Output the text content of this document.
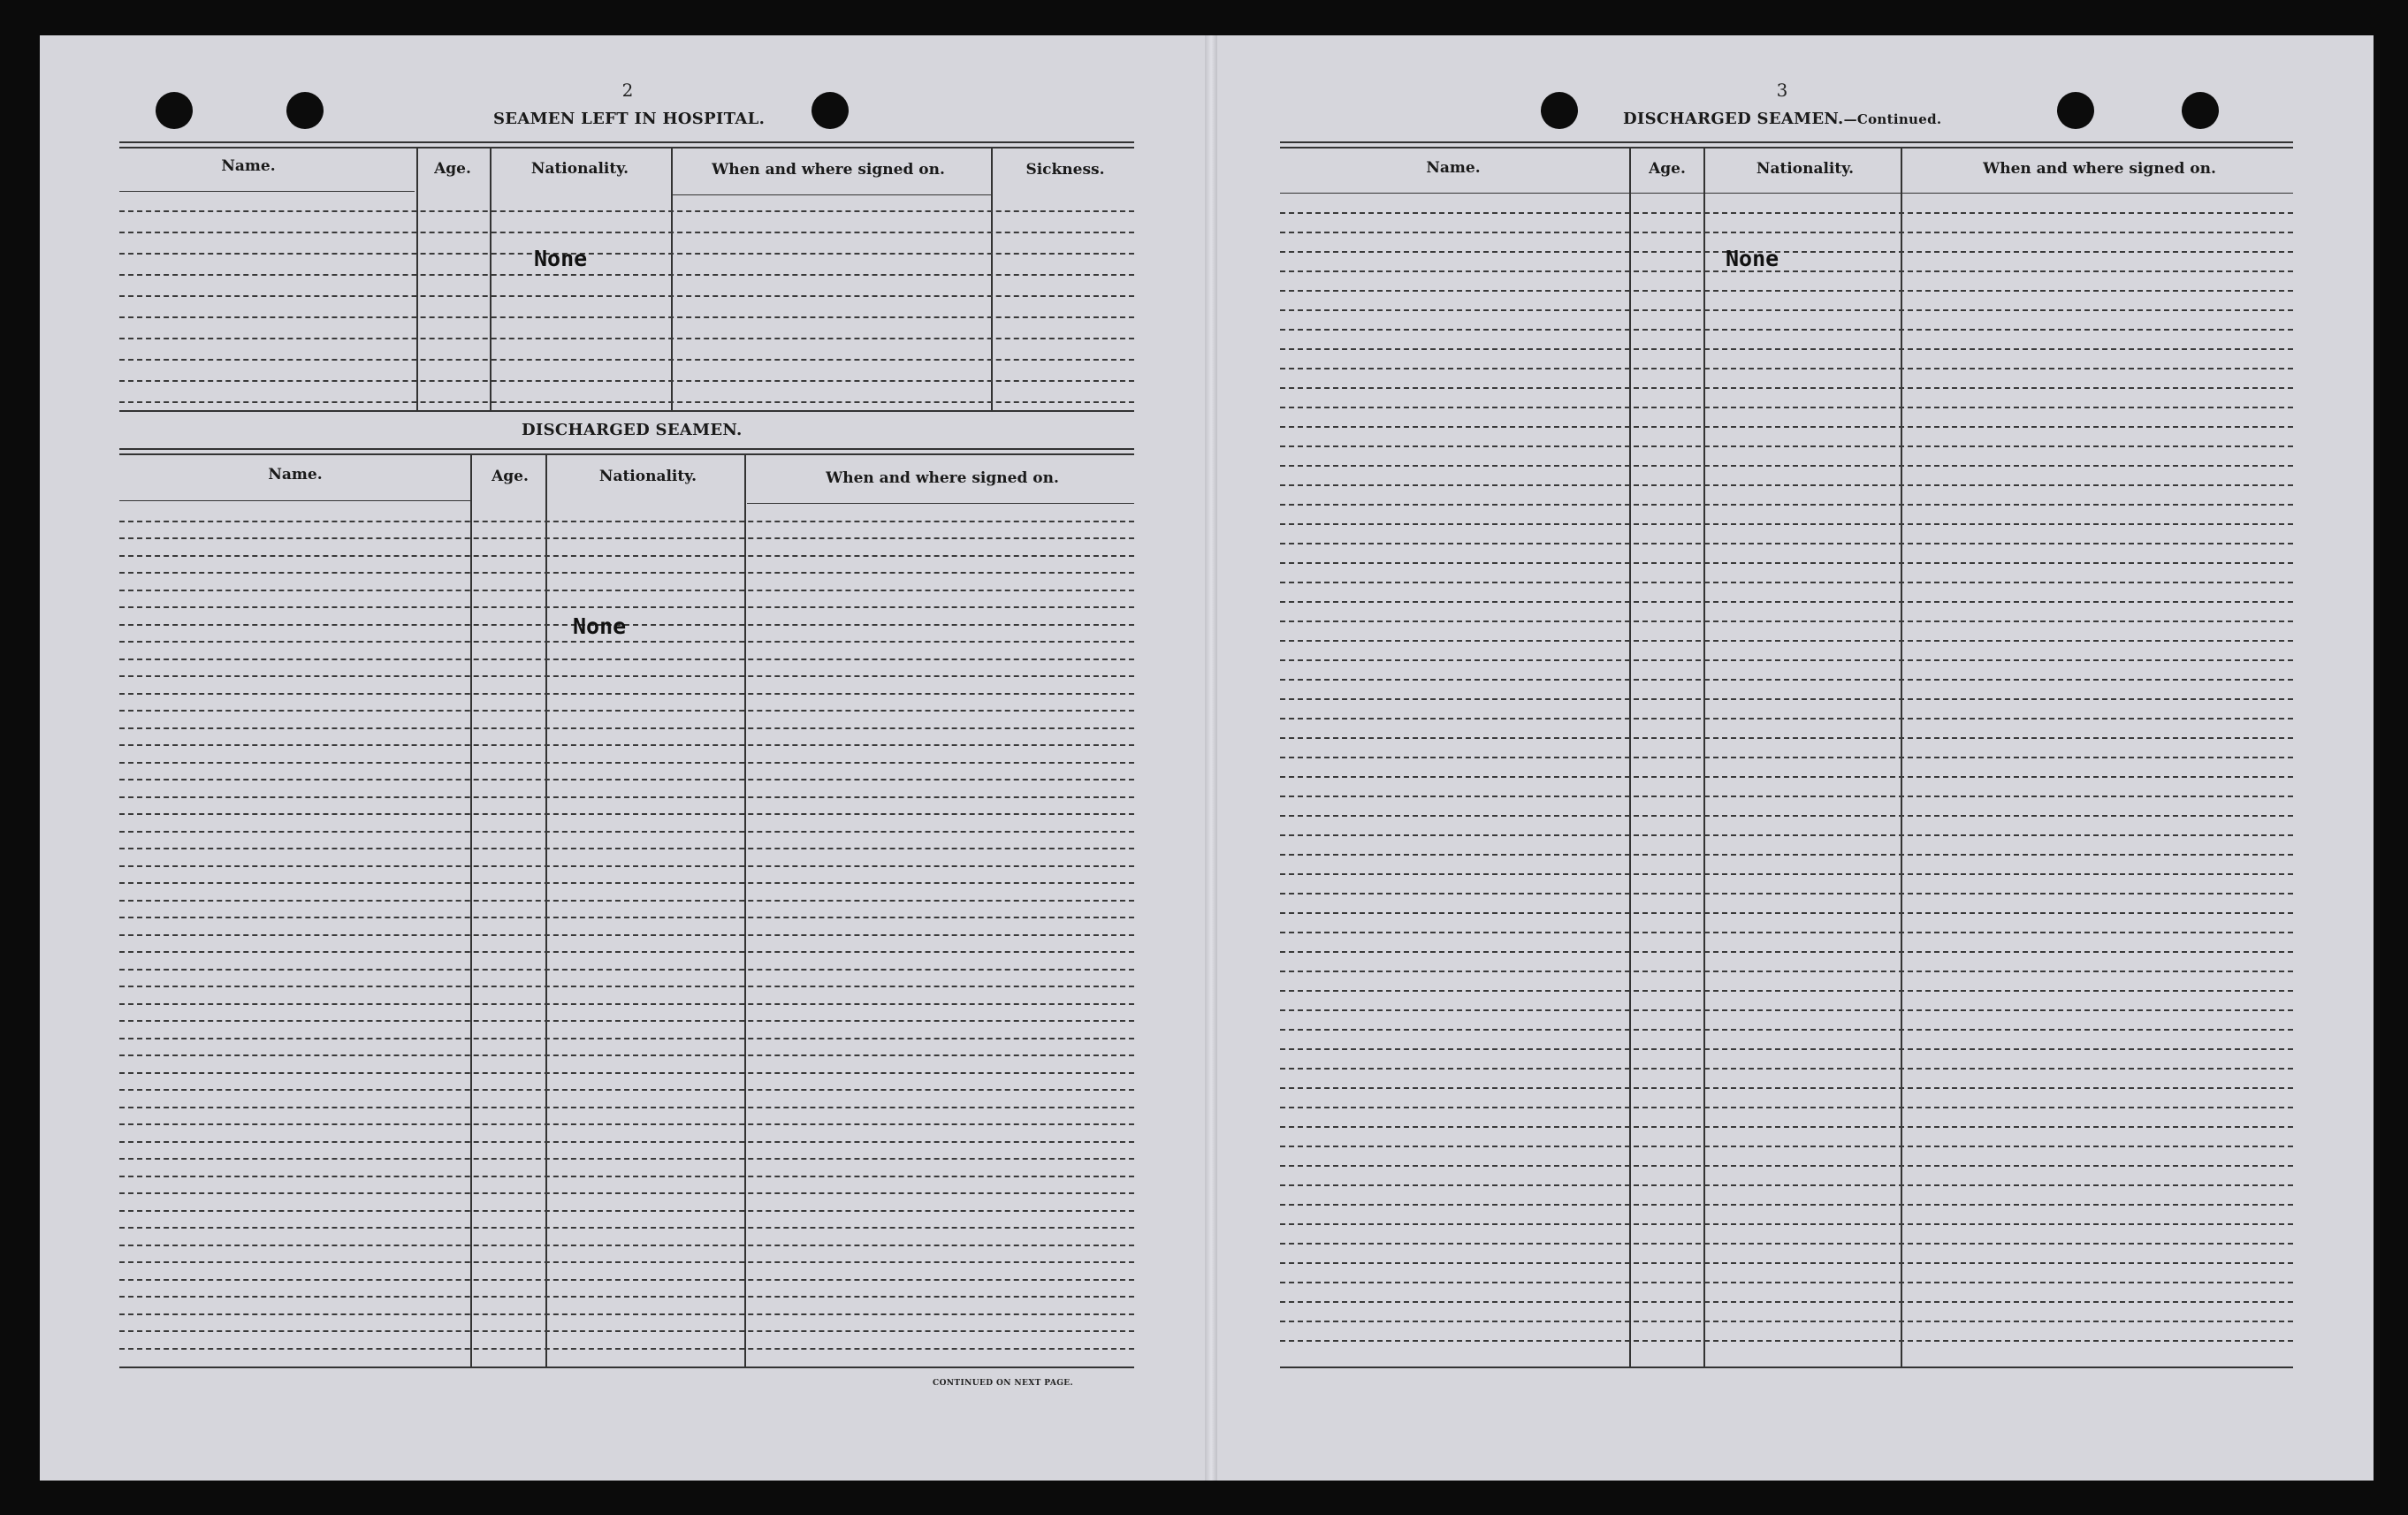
2
SEAMEN LEFT IN HOSPITAL.
Name.	Age.	Nationality.	When and where signed on.	Sickness.
None
DISCHARGED SEAMEN.
Name.	Age.	Nationality.	When and where signed on.
None
CONTINUED ON NEXT PAGE.
3
DISCHARGED SEAMEN.—Continued.
Name.	Age.	Nationality.	When and where signed on.
None
